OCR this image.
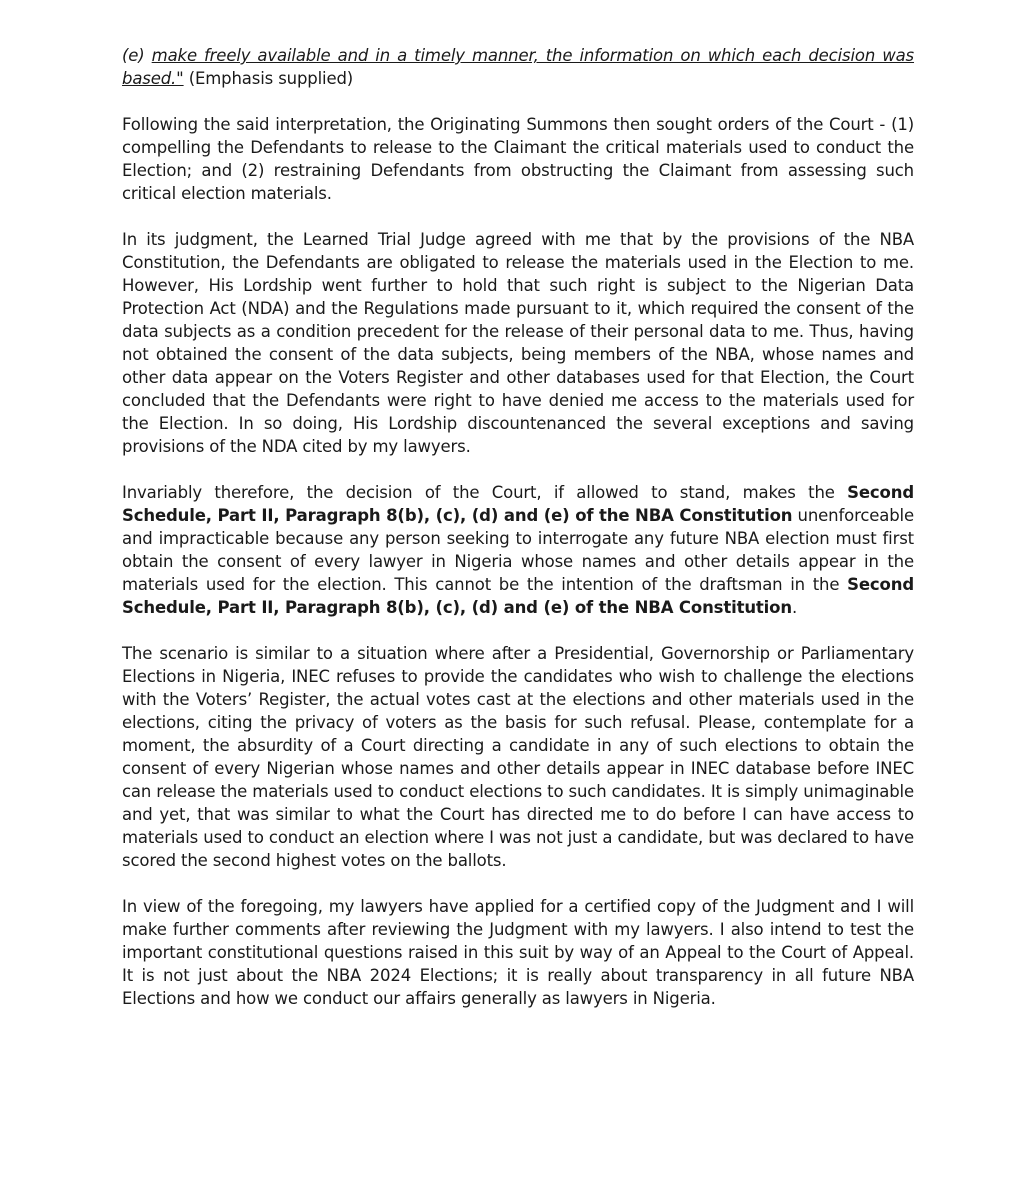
(e) make freely available and in a timely manner, the information on which each decision was based." (Emphasis supplied)

Following the said interpretation, the Originating Summons then sought orders of the Court - (1) compelling the Defendants to release to the Claimant the critical materials used to conduct the Election; and (2) restraining Defendants from obstructing the Claimant from assessing such critical election materials.

In its judgment, the Learned Trial Judge agreed with me that by the provisions of the NBA Constitution, the Defendants are obligated to release the materials used in the Election to me. However, His Lordship went further to hold that such right is subject to the Nigerian Data Protection Act (NDA) and the Regulations made pursuant to it, which required the consent of the data subjects as a condition precedent for the release of their personal data to me. Thus, having not obtained the consent of the data subjects, being members of the NBA, whose names and other data appear on the Voters Register and other databases used for that Election, the Court concluded that the Defendants were right to have denied me access to the materials used for the Election. In so doing, His Lordship discountenanced the several exceptions and saving provisions of the NDA cited by my lawyers.

Invariably therefore, the decision of the Court, if allowed to stand, makes the Second Schedule, Part II, Paragraph 8(b), (c), (d) and (e) of the NBA Constitution unenforceable and impracticable because any person seeking to interrogate any future NBA election must first obtain the consent of every lawyer in Nigeria whose names and other details appear in the materials used for the election. This cannot be the intention of the draftsman in the Second Schedule, Part II, Paragraph 8(b), (c), (d) and (e) of the NBA Constitution.

The scenario is similar to a situation where after a Presidential, Governorship or Parliamentary Elections in Nigeria, INEC refuses to provide the candidates who wish to challenge the elections with the Voters’ Register, the actual votes cast at the elections and other materials used in the elections, citing the privacy of voters as the basis for such refusal. Please, contemplate for a moment, the absurdity of a Court directing a candidate in any of such elections to obtain the consent of every Nigerian whose names and other details appear in INEC database before INEC can release the materials used to conduct elections to such candidates. It is simply unimaginable and yet, that was similar to what the Court has directed me to do before I can have access to materials used to conduct an election where I was not just a candidate, but was declared to have scored the second highest votes on the ballots.

In view of the foregoing, my lawyers have applied for a certified copy of the Judgment and I will make further comments after reviewing the Judgment with my lawyers. I also intend to test the important constitutional questions raised in this suit by way of an Appeal to the Court of Appeal. It is not just about the NBA 2024 Elections; it is really about transparency in all future NBA Elections and how we conduct our affairs generally as lawyers in Nigeria.
